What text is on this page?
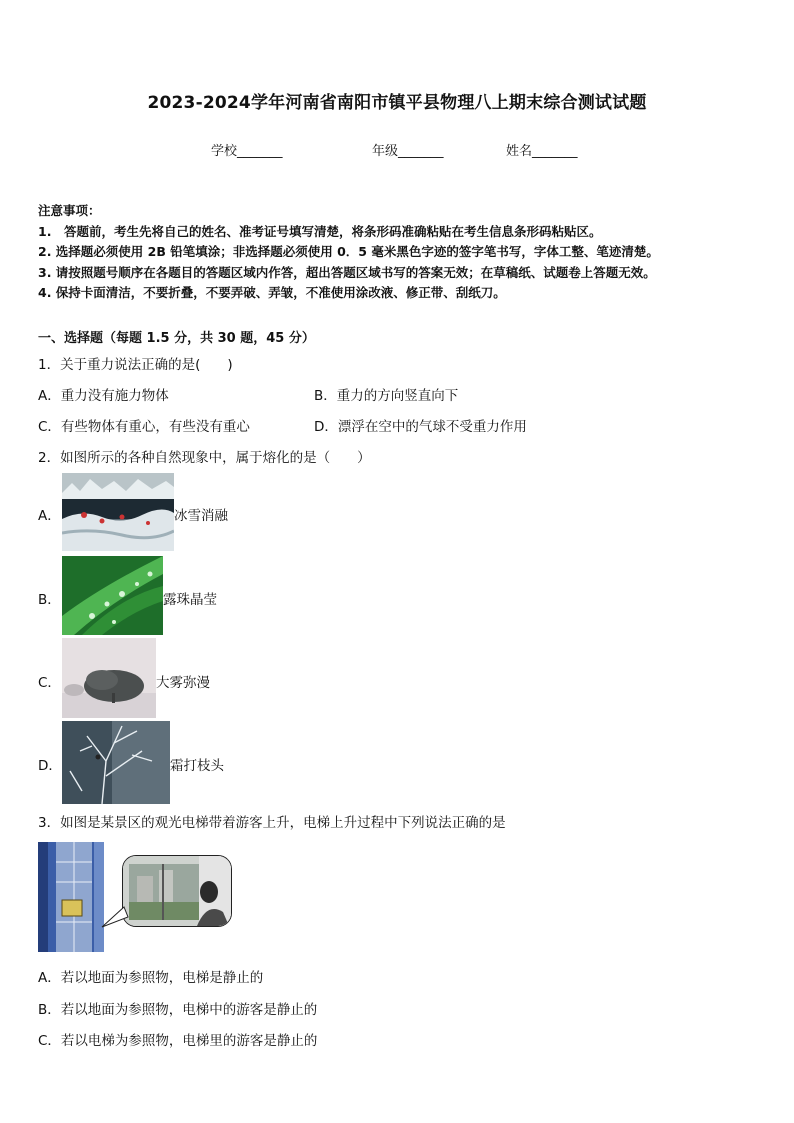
2023-2024学年河南省南阳市镇平县物理八上期末综合测试试题
学校_______	年级_______	姓名_______
注意事项：
1.　答题前，考生先将自己的姓名、准考证号填写清楚，将条形码准确粘贴在考生信息条形码粘贴区。
2. 选择题必须使用 2B 铅笔填涂；非选择题必须使用 0．5 毫米黑色字迹的签字笔书写，字体工整、笔迹清楚。
3. 请按照题号顺序在各题目的答题区域内作答，超出答题区域书写的答案无效；在草稿纸、试题卷上答题无效。
4. 保持卡面清洁，不要折叠，不要弄破、弄皱，不准使用涂改液、修正带、刮纸刀。
一、选择题（每题 1.5 分，共 30 题，45 分）
1．关于重力说法正确的是(　　)
A．重力没有施力物体	B．重力的方向竖直向下
C．有些物体有重心，有些没有重心	D．漂浮在空中的气球不受重力作用
2．如图所示的各种自然现象中，属于熔化的是（　　）
A．	冰雪消融
B．	露珠晶莹
C．	大雾弥漫
D．	霜打枝头
3．如图是某景区的观光电梯带着游客上升，电梯上升过程中下列说法正确的是
A．若以地面为参照物，电梯是静止的
B．若以地面为参照物，电梯中的游客是静止的
C．若以电梯为参照物，电梯里的游客是静止的
